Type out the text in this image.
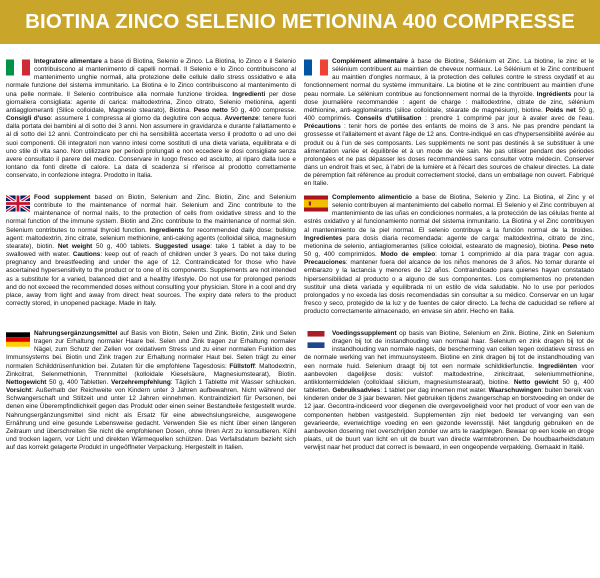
BIOTINA ZINCO SELENIO METIONINA 400 COMPRESSE
Integratore alimentare a base di Biotina, Selenio e Zinco. La Biotina, lo Zinco e il Selenio contribuiscono al mantenimento di capelli normali. Il Selenio e lo Zinco contribuiscono al mantenimento unghie normali, alla protezione delle cellule dallo stress ossidativo e alla normale funzione del sistema immunitario. La Biotina e lo Zinco contribuiscono al mantenimento di una pelle normale. Il Selenio contribuisce alla normale funzione tiroidea. Ingredienti per dose giornaliera consigliata: agente di carica: maltodextrina, Zinco citrato, Selenio metionina, agenti antiagglomeranti (Silice colloidale, Magnesio stearato), Biotina. Peso netto 50 g, 400 compresse. Consigli d'uso: assumere 1 compressa al giorno da deglutire con acqua. Avvertenze: tenere fuori dalla portata dei bambini al di sotto dei 3 anni. Non assumere in gravidanza e durante l'allattamento e al di sotto dei 12 anni. Controindicato per chi ha sensibilità accertata verso il prodotto o ad uno dei suoi componenti. Gli integratori non vanno intesi come sostituti di una dieta variata, equilibrata e di uno stile di vita sano. Non utilizzare per periodi prolungati e non eccedere le dosi consigliate senza avere consultato il parere del medico. Conservare in luogo fresco ed asciutto, al riparo dalla luce e lontano da fonti dirette di calore. La data di scadenza si riferisce al prodotto correttamente conservato, in confezione integra. Prodotto in Italia.
Complément alimentaire à base de Biotine, Sélénium et Zinc. La biotine, le zinc et le sélénium contribuent au maintien de cheveux normaux. Le Sélénium et le Zinc contribuent au maintien d'ongles normaux, à la protection des cellules contre le stress oxydatif et au fonctionnement normal du système immunitaire. La biotine et le zinc contribuent au maintien d'une peau normale. Le sélénium contribue au fonctionnement normal de la thyroïde. Ingrédients pour la dose journalière recommandée : agent de charge : maltodextrine, citrate de zinc, sélénium méthionine, anti-agglomérants (silice colloïdale, stéarate de magnésium), biotine. Poids net 50 g, 400 comprimés. Conseils d'utilisation : prendre 1 comprimé par jour à avaler avec de l'eau. Précautions : tenir hors de portée des enfants de moins de 3 ans. Ne pas prendre pendant la grossesse et l'allaitement et avant l'âge de 12 ans. Contre-indiqué en cas d'hypersensibilité avérée au produit ou à l'un de ses composants. Les suppléments ne sont pas destinés à se substituer à une alimentation variée et équilibrée et à un mode de vie sain. Ne pas utiliser pendant des périodes prolongées et ne pas dépasser les doses recommandées sans consulter votre médecin. Conserver dans un endroit frais et sec, à l'abri de la lumière et à l'écart des sources de chaleur directes. La date de péremption fait référence au produit correctement stocké, dans un emballage non ouvert. Fabriqué en Italie.
Food supplement based on Biotin, Selenium and Zinc. Biotin, Zinc and Selenium contribute to the maintenance of normal hair. Selenium and Zinc contribute to the maintenance of normal nails, to the protection of cells from oxidative stress and to the normal function of the immune system. Biotin and Zinc contribute to the maintenance of normal skin. Selenium contributes to normal thyroid function. Ingredients for recommended daily dose: bulking agent: maltodextrin, zinc citrate, selenium methionine, anti-caking agents (colloidal silica, magnesium stearate), biotin. Net weight 50 g, 400 tablets. Suggested usage: take 1 tablet a day to be swallowed with water. Cautions: keep out of reach of children under 3 years. Do not take during pregnancy and breastfeeding and under the age of 12. Contraindicated for those who have ascertained hypersensitivity to the product or to one of its components. Supplements are not intended as a substitute for a varied, balanced diet and a healthy lifestyle. Do not use for prolonged periods and do not exceed the recommended doses without consulting your physician. Store in a cool and dry place, away from light and away from direct heat sources. The expiry date refers to the product correctly stored, in unopened package. Made in Italy.
Complemento alimenticio a base de Biotina, Selenio y Zinc. La Biotina, el Zinc y el selenio contribuyen al mantenimiento del cabello normal. El Selenio y el Zinc contribuyen al mantenimiento de las uñas en condiciones normales, a la protección de las células frente al estrés oxidativo y al funcionamiento normal del sistema inmunitario. La Biotina y el Zinc contribuyen al mantenimiento de la piel normal. El selenio contribuye a la función normal de la tiroides. Ingredientes para dosis diaria recomendada: agente de carga: maltodextrina, citrato de zinc, metionina de selenio, antiaglomerantes (sílice coloidal, estearato de magnesio), biotina. Peso neto 50 g, 400 comprimidos. Modo de empleo: tomar 1 comprimido al día para tragar con agua. Precauciones: mantener fuera del alcance de los niños menores de 3 años. No tomar durante el embarazo y la lactancia y menores de 12 años. Contraindicado para quienes hayan constatado hipersensibilidad al producto o a alguno de sus componentes. Los complementos no pretenden sustituir una dieta variada y equilibrada ni un estilo de vida saludable. No lo use por períodos prolongados y no exceda las dosis recomendadas sin consultar a su médico. Conservar en un lugar fresco y seco, protegido de la luz y de fuentes de calor directo. La fecha de caducidad se refiere al producto correctamente almacenado, en envase sin abrir. Hecho en Italia.
Nahrungsergänzungsmittel auf Basis von Biotin, Selen und Zink. Biotin, Zink und Selen tragen zur Erhaltung normaler Haare bei. Selen und Zink tragen zur Erhaltung normaler Nägel, zum Schutz der Zellen vor oxidativem Stress und zu einer normalen Funktion des Immunsystems bei. Biotin und Zink tragen zur Erhaltung normaler Haut bei. Selen trägt zu einer normalen Schilddrüsenfunktion bei. Zutaten für die empfohlene Tagesdosis: Füllstoff: Maltodextrin, Zinkcitrat, Selenmethionin, Trennmittel (kolloidale Kieselsäure, Magnesiumstearat), Biotin. Nettogewicht 50 g, 400 Tabletten. Verzehrempfehlung: Täglich 1 Tablette mit Wasser schlucken. Vorsicht: Außerhalb der Reichweite von Kindern unter 3 Jahren aufbewahren. Nicht während der Schwangerschaft und Stillzeit und unter 12 Jahren einnehmen. Kontraindiziert für Personen, bei denen eine Überempfindlichkeit gegen das Produkt oder einen seiner Bestandteile festgestellt wurde. Nahrungsergänzungsmittel sind nicht als Ersatz für eine abwechslungsreiche, ausgewogene Ernährung und eine gesunde Lebensweise gedacht. Verwenden Sie es nicht über einen längeren Zeitraum und überschreiten Sie nicht die empfohlenen Dosen, ohne Ihren Arzt zu konsultieren. Kühl und trocken lagern, vor Licht und direkten Wärmequellen schützen. Das Verfallsdatum bezieht sich auf das korrekt gelagerte Produkt in ungeöffneter Verpackung. Hergestellt in Italien.
Voedingssupplement op basis van Biotine, Selenium en Zink. Biotine, Zink en Selenium dragen bij tot de instandhouding van normaal haar. Selenium en zink dragen bij tot de instandhouding van normale nagels, de bescherming van cellen tegen oxidatieve stress en de normale werking van het immuunsysteem. Biotine en zink dragen bij tot de instandhouding van een normale huid. Selenium draagt bij tot een normale schildklierfunctie. Ingrediënten voor aanbevolen dagelijkse dosis: vulstof: maltodextrine, zinkcitraat, seleniummethionine, antiklontermiddelen (colloïdaal silicium, magnesiumstearaat), biotine. Netto gewicht 50 g, 400 tabletten. Gebruiksadvies: 1 tablet per dag innemen met water. Waarschuwingen: buiten bereik van kinderen onder de 3 jaar bewaren. Niet gebruiken tijdens zwangerschap en borstvoeding en onder de 12 jaar. Gecontra-indiceerd voor diegenen die overgevoeligheid voor het product of voor een van de componenten hebben vastgesteld. Supplementen zijn niet bedoeld ter vervanging van een gevarieerde, evenwichtige voeding en een gezonde levensstijl. Niet langdurig gebruiken en de aanbevolen dosering niet overschrijden zonder uw arts te raadplegen. Bewaar op een koele en droge plaats, uit de buurt van licht en uit de buurt van directe warmtebronnen. De houdbaarheidsdatum verwijst naar het product dat correct is bewaard, in een ongeopende verpakking. Gemaakt in Italië.
